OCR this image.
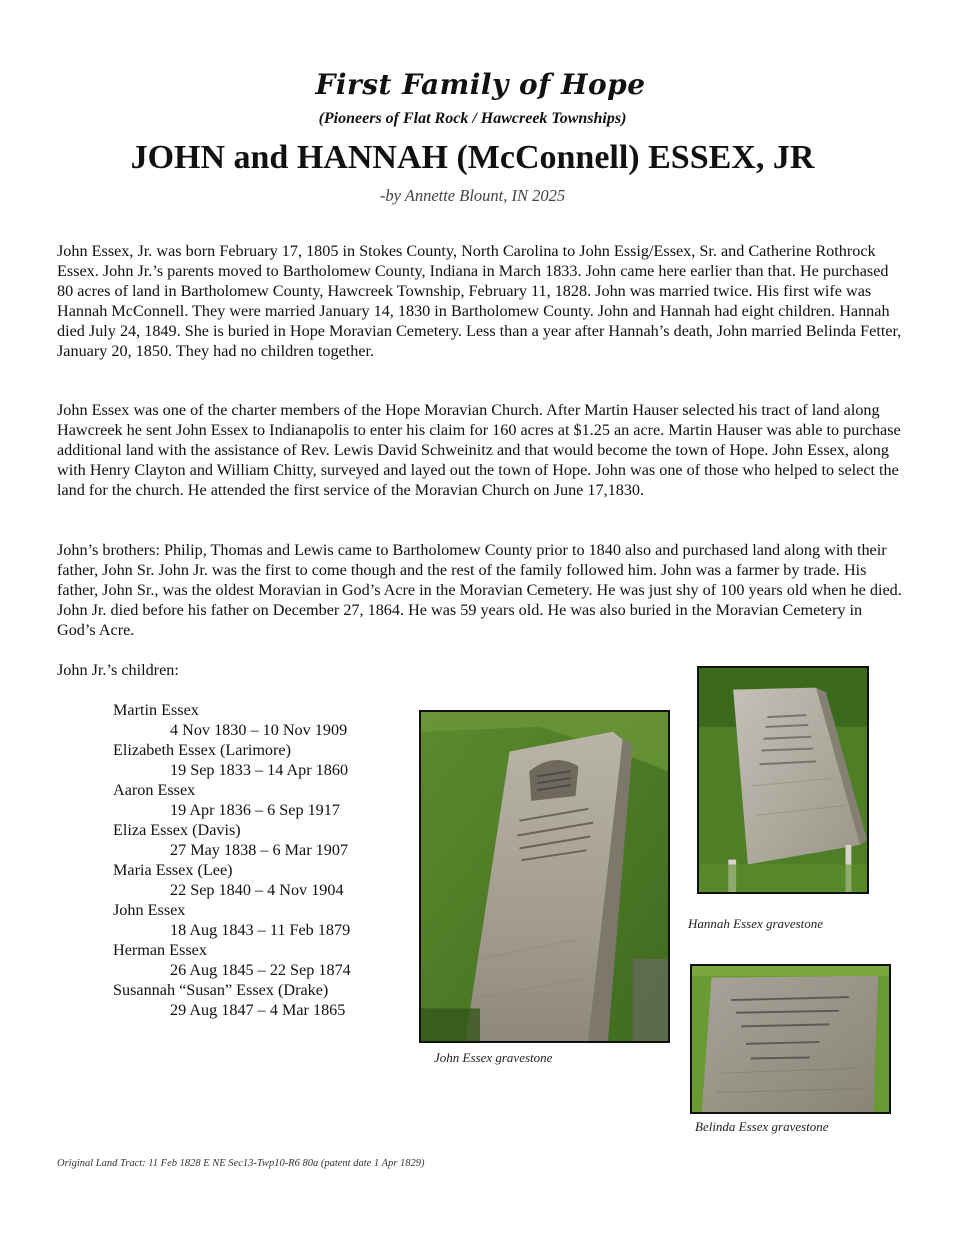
First Family of Hope
(Pioneers of Flat Rock / Hawcreek Townships)
JOHN and HANNAH (McConnell) ESSEX, JR
-by Annette Blount, IN 2025

John Essex, Jr. was born February 17, 1805 in Stokes County, North Carolina to John Essig/Essex, Sr. and Catherine Rothrock Essex. John Jr.’s parents moved to Bartholomew County, Indiana in March 1833. John came here earlier than that. He purchased 80 acres of land in Bartholomew County, Hawcreek Township, February 11, 1828. John was married twice. His first wife was Hannah McConnell. They were married January 14, 1830 in Bartholomew County. John and Hannah had eight children. Hannah died July 24, 1849. She is buried in Hope Moravian Cemetery. Less than a year after Hannah’s death, John married Belinda Fetter, January 20, 1850. They had no children together.

John Essex was one of the charter members of the Hope Moravian Church. After Martin Hauser selected his tract of land along Hawcreek he sent John Essex to Indianapolis to enter his claim for 160 acres at $1.25 an acre. Martin Hauser was able to purchase additional land with the assistance of Rev. Lewis David Schweinitz and that would become the town of Hope. John Essex, along with Henry Clayton and William Chitty, surveyed and layed out the town of Hope. John was one of those who helped to select the land for the church. He attended the first service of the Moravian Church on June 17,1830.

John’s brothers: Philip, Thomas and Lewis came to Bartholomew County prior to 1840 also and purchased land along with their father, John Sr. John Jr. was the first to come though and the rest of the family followed him. John was a farmer by trade. His father, John Sr., was the oldest Moravian in God’s Acre in the Moravian Cemetery. He was just shy of 100 years old when he died. John Jr. died before his father on December 27, 1864. He was 59 years old. He was also buried in the Moravian Cemetery in God’s Acre.

John Jr.’s children:
Martin Essex
4 Nov 1830 – 10 Nov 1909
Elizabeth Essex (Larimore)
19 Sep 1833 – 14 Apr 1860
Aaron Essex
19 Apr 1836 – 6 Sep 1917
Eliza Essex (Davis)
27 May 1838 – 6 Mar 1907
Maria Essex (Lee)
22 Sep 1840 – 4 Nov 1904
John Essex
18 Aug 1843 – 11 Feb 1879
Herman Essex
26 Aug 1845 – 22 Sep 1874
Susannah “Susan” Essex (Drake)
29 Aug 1847 – 4 Mar 1865
John Essex gravestone
Hannah Essex gravestone
Belinda Essex gravestone
Original Land Tract: 11 Feb 1828 E NE Sec13-Twp10-R6 80a (patent date 1 Apr 1829)
